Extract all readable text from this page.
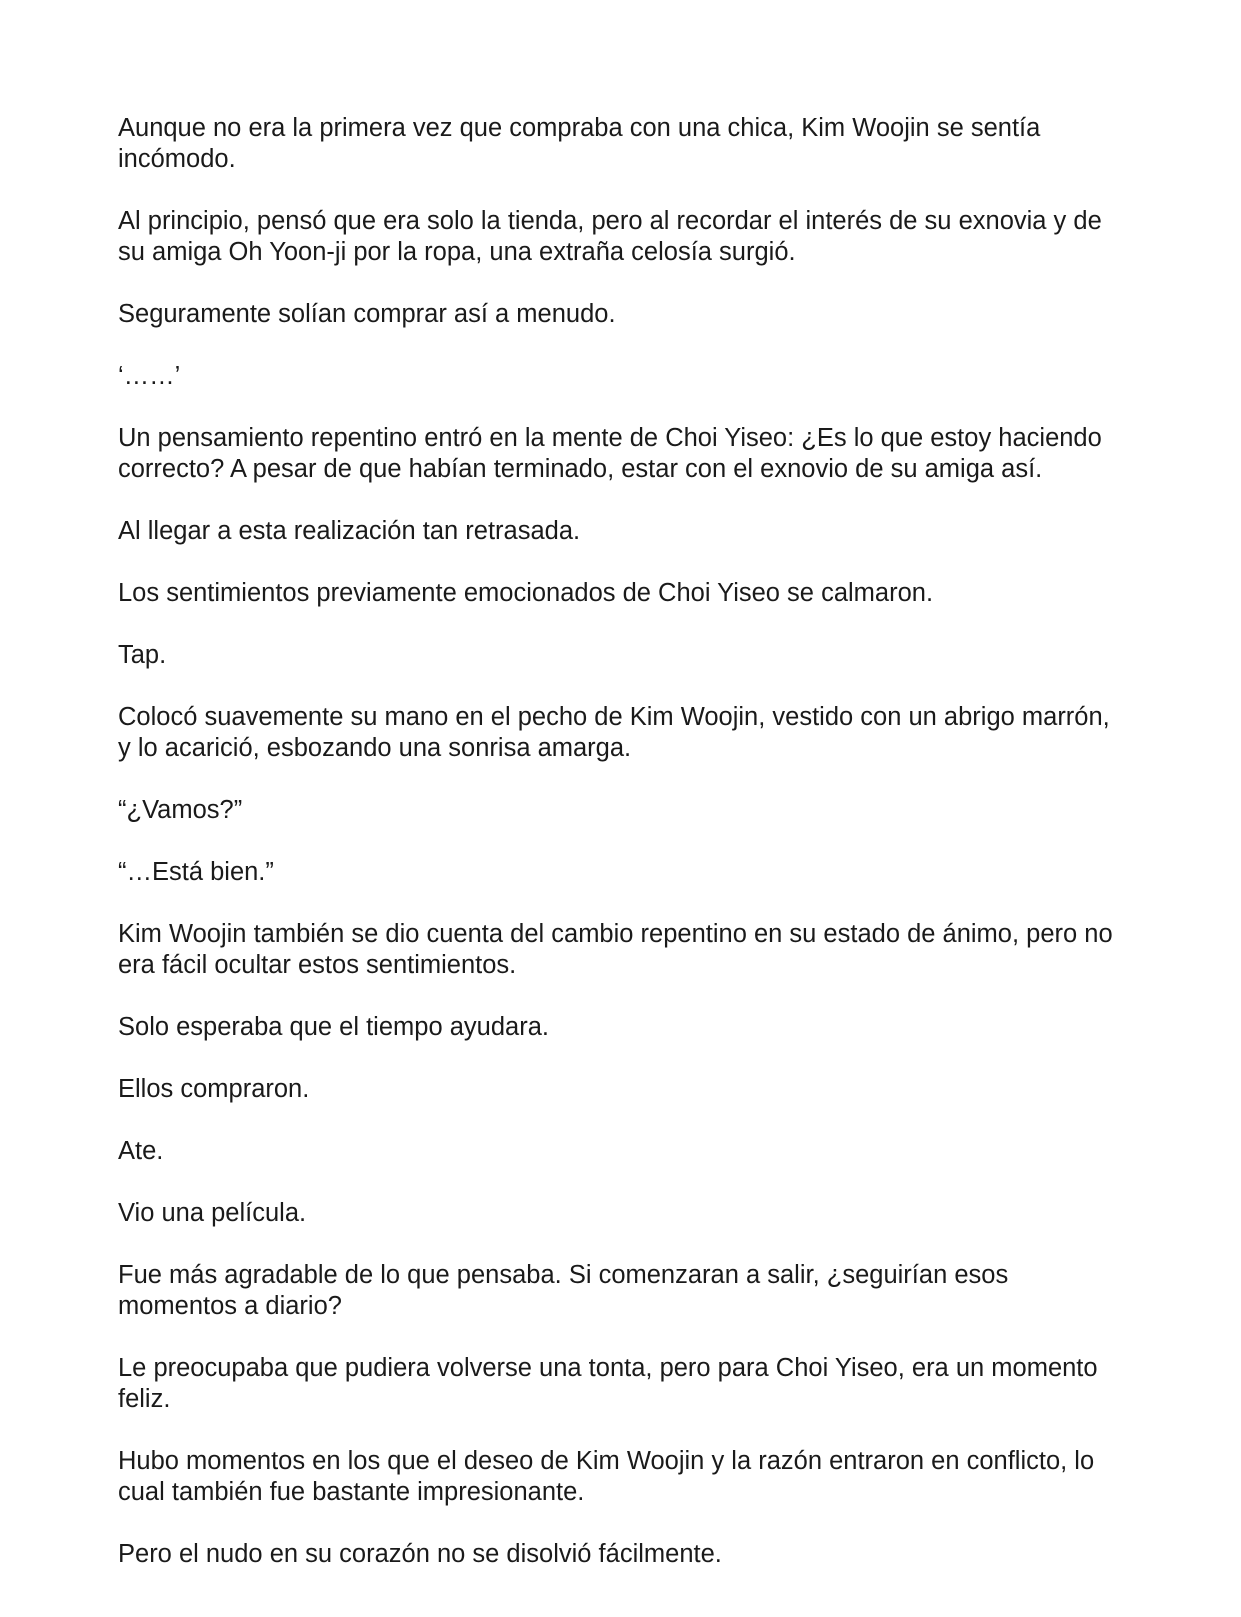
Aunque no era la primera vez que compraba con una chica, Kim Woojin se sentía incómodo.

Al principio, pensó que era solo la tienda, pero al recordar el interés de su exnovia y de su amiga Oh Yoon-ji por la ropa, una extraña celosía surgió.

Seguramente solían comprar así a menudo.

‘……’

Un pensamiento repentino entró en la mente de Choi Yiseo: ¿Es lo que estoy haciendo correcto? A pesar de que habían terminado, estar con el exnovio de su amiga así.

Al llegar a esta realización tan retrasada.

Los sentimientos previamente emocionados de Choi Yiseo se calmaron.

Tap.

Colocó suavemente su mano en el pecho de Kim Woojin, vestido con un abrigo marrón, y lo acarició, esbozando una sonrisa amarga.

“¿Vamos?”

“…Está bien.”

Kim Woojin también se dio cuenta del cambio repentino en su estado de ánimo, pero no era fácil ocultar estos sentimientos.

Solo esperaba que el tiempo ayudara.

Ellos compraron.

Ate.

Vio una película.

Fue más agradable de lo que pensaba. Si comenzaran a salir, ¿seguirían esos momentos a diario?

Le preocupaba que pudiera volverse una tonta, pero para Choi Yiseo, era un momento feliz.

Hubo momentos en los que el deseo de Kim Woojin y la razón entraron en conflicto, lo cual también fue bastante impresionante.

Pero el nudo en su corazón no se disolvió fácilmente.
